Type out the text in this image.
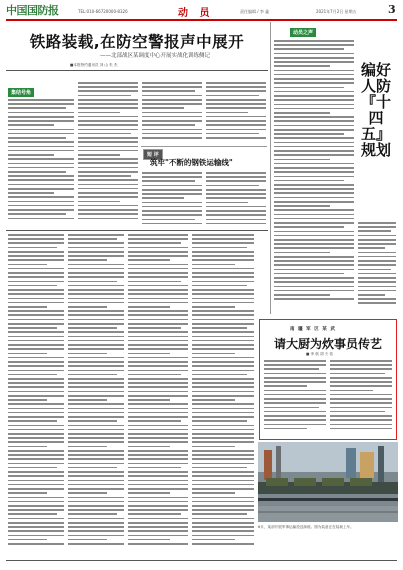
中国国防报	TEL:010-66720000-8326	动 员	责任编辑 / 李 鑫	2021年7月2日 星期五	3
铁路装载,在防空警报声中展开
——北部战区某调度中心开展实战化训练侧记
■本报特约通讯员 刘 山 朱 杰
集结号角
短 评
筑牢"不断的钢铁运输线"
动员之声
编好人防『十四五』规划
南 疆 军 区 某 武
请大厨为炊事员传艺
■ 李 航 胡 天 佑
6月，某部开展军事运输投送演练。图为装备正在装载上车。
